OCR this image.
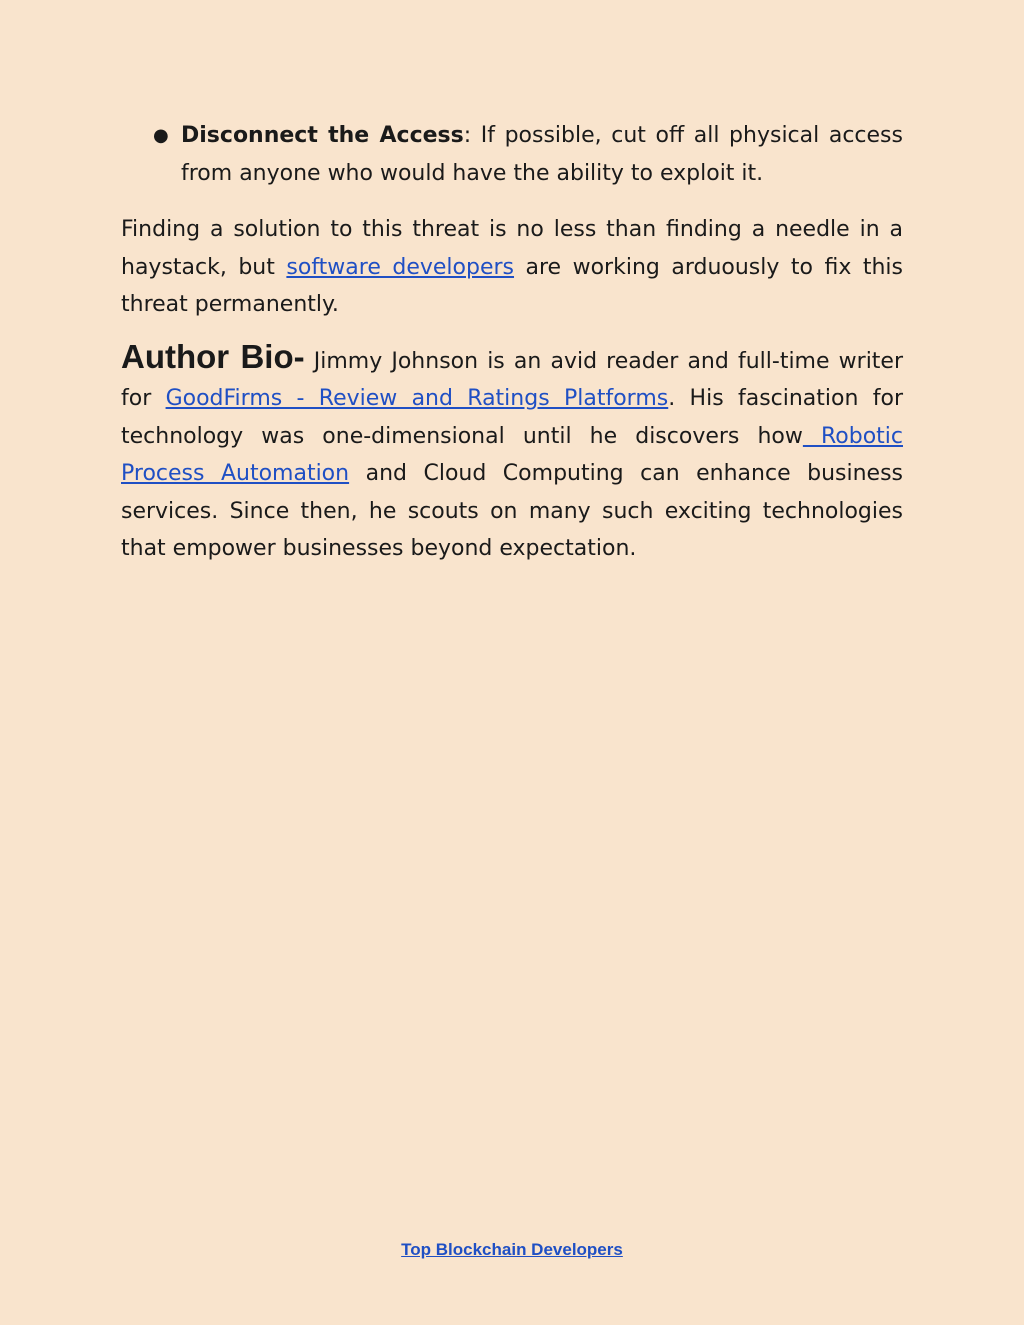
● Disconnect the Access: If possible, cut off all physical access from anyone who would have the ability to exploit it.

Finding a solution to this threat is no less than finding a needle in a haystack, but software developers are working arduously to fix this threat permanently.

Author Bio- Jimmy Johnson is an avid reader and full-time writer for GoodFirms - Review and Ratings Platforms. His fascination for technology was one-dimensional until he discovers how Robotic Process Automation and Cloud Computing can enhance business services. Since then, he scouts on many such exciting technologies that empower businesses beyond expectation.

Top Blockchain Developers
